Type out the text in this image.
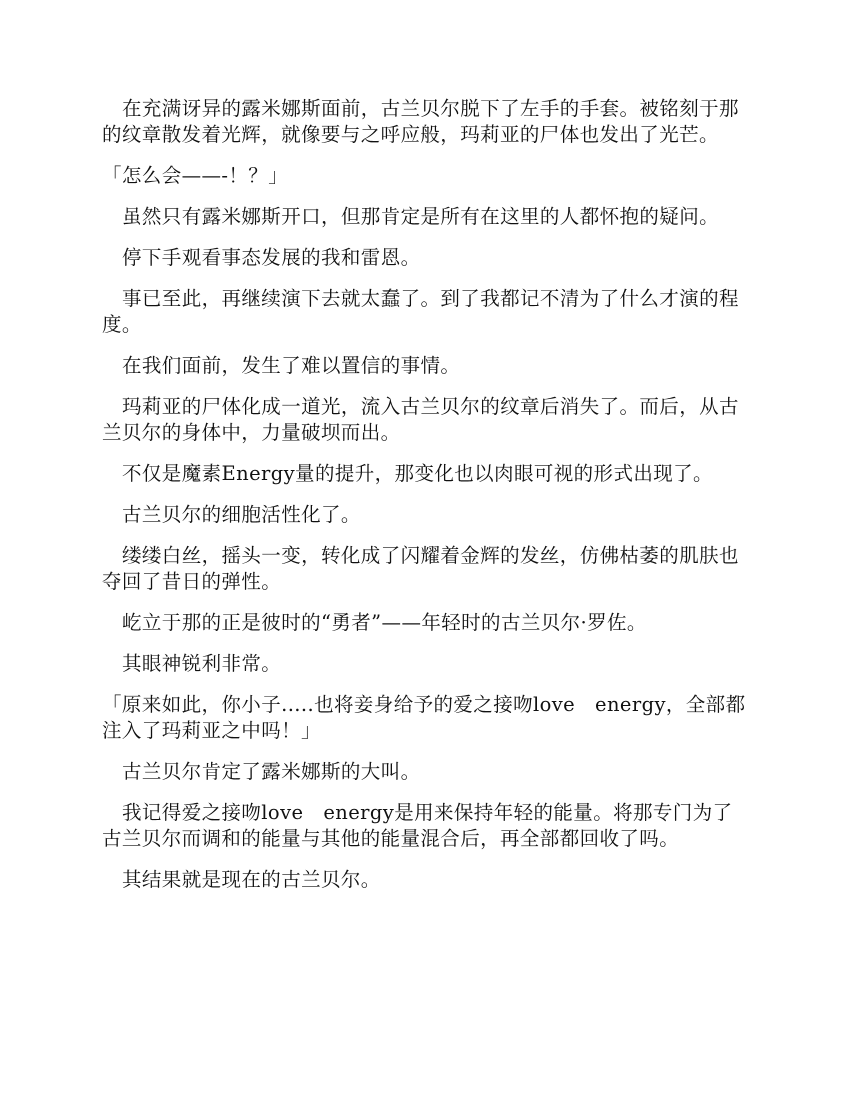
在充满讶异的露米娜斯面前，古兰贝尔脱下了左手的手套。被铭刻于那的纹章散发着光辉，就像要与之呼应般，玛莉亚的尸体也发出了光芒。

「怎么会——-！？」

虽然只有露米娜斯开口，但那肯定是所有在这里的人都怀抱的疑问。

停下手观看事态发展的我和雷恩。

事已至此，再继续演下去就太蠢了。到了我都记不清为了什么才演的程度。

在我们面前，发生了难以置信的事情。

玛莉亚的尸体化成一道光，流入古兰贝尔的纹章后消失了。而后，从古兰贝尔的身体中，力量破坝而出。

不仅是魔素Energy量的提升，那变化也以肉眼可视的形式出现了。

古兰贝尔的细胞活性化了。

缕缕白丝，摇头一变，转化成了闪耀着金辉的发丝，仿佛枯萎的肌肤也夺回了昔日的弹性。

屹立于那的正是彼时的“勇者”——年轻时的古兰贝尔·罗佐。

其眼神锐利非常。

「原来如此，你小子.....也将妾身给予的爱之接吻love　energy，全部都注入了玛莉亚之中吗！」

古兰贝尔肯定了露米娜斯的大叫。

我记得爱之接吻love　energy是用来保持年轻的能量。将那专门为了古兰贝尔而调和的能量与其他的能量混合后，再全部都回收了吗。

其结果就是现在的古兰贝尔。
